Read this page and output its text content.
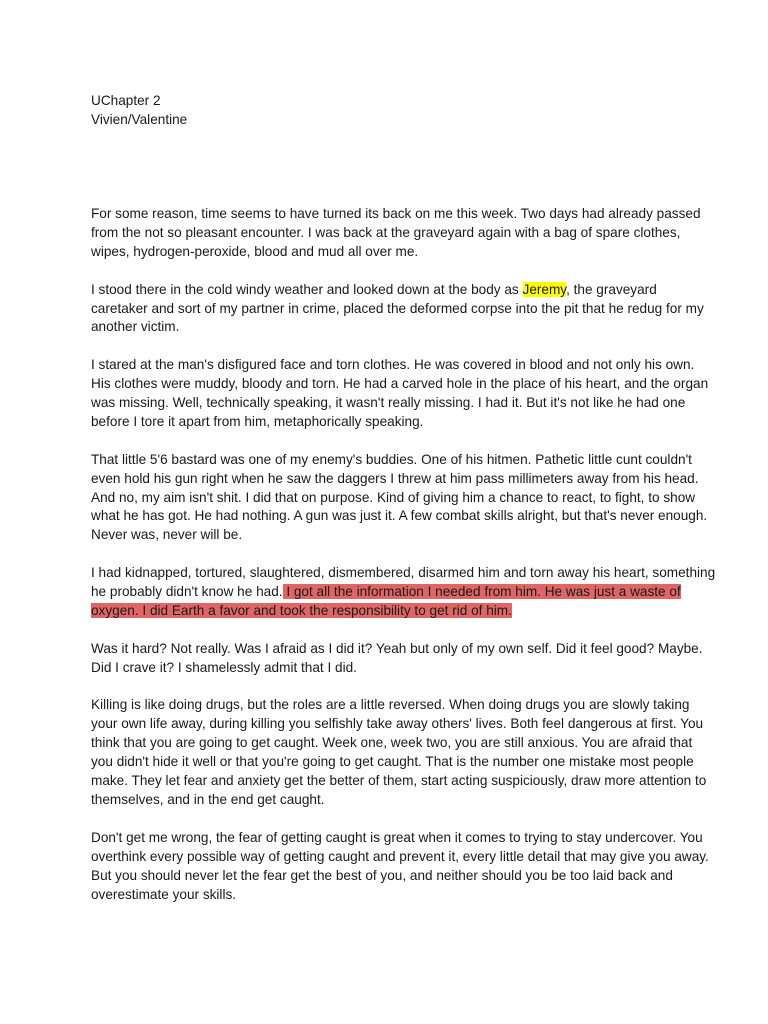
UChapter 2
Vivien/Valentine

For some reason, time seems to have turned its back on me this week. Two days had already passed from the not so pleasant encounter. I was back at the graveyard again with a bag of spare clothes, wipes, hydrogen-peroxide, blood and mud all over me.

I stood there in the cold windy weather and looked down at the body as Jeremy, the graveyard caretaker and sort of my partner in crime, placed the deformed corpse into the pit that he redug for my another victim.

I stared at the man's disfigured face and torn clothes. He was covered in blood and not only his own. His clothes were muddy, bloody and torn. He had a carved hole in the place of his heart, and the organ was missing. Well, technically speaking, it wasn't really missing. I had it. But it's not like he had one before I tore it apart from him, metaphorically speaking.

That little 5'6 bastard was one of my enemy's buddies. One of his hitmen. Pathetic little cunt couldn't even hold his gun right when he saw the daggers I threw at him pass millimeters away from his head. And no, my aim isn't shit. I did that on purpose. Kind of giving him a chance to react, to fight, to show what he has got. He had nothing. A gun was just it. A few combat skills alright, but that's never enough. Never was, never will be.

I had kidnapped, tortured, slaughtered, dismembered, disarmed him and torn away his heart, something he probably didn't know he had. I got all the information I needed from him. He was just a waste of oxygen. I did Earth a favor and took the responsibility to get rid of him.

Was it hard? Not really. Was I afraid as I did it? Yeah but only of my own self. Did it feel good? Maybe. Did I crave it? I shamelessly admit that I did.

Killing is like doing drugs, but the roles are a little reversed. When doing drugs you are slowly taking your own life away, during killing you selfishly take away others' lives. Both feel dangerous at first. You think that you are going to get caught. Week one, week two, you are still anxious. You are afraid that you didn't hide it well or that you're going to get caught. That is the number one mistake most people make. They let fear and anxiety get the better of them, start acting suspiciously, draw more attention to themselves, and in the end get caught.

Don't get me wrong, the fear of getting caught is great when it comes to trying to stay undercover. You overthink every possible way of getting caught and prevent it, every little detail that may give you away. But you should never let the fear get the best of you, and neither should you be too laid back and overestimate your skills.
